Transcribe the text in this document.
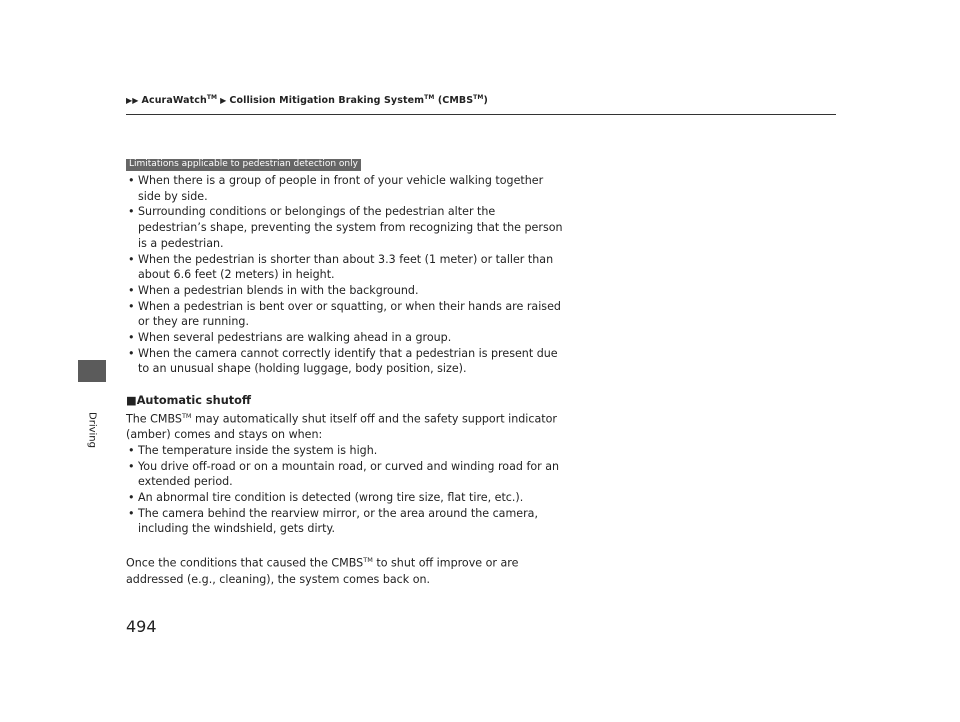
▶▶ AcuraWatch™ ▶ Collision Mitigation Braking System™ (CMBS™)
Driving
Limitations applicable to pedestrian detection only
• When there is a group of people in front of your vehicle walking together side by side.
• Surrounding conditions or belongings of the pedestrian alter the pedestrian’s shape, preventing the system from recognizing that the person is a pedestrian.
• When the pedestrian is shorter than about 3.3 feet (1 meter) or taller than about 6.6 feet (2 meters) in height.
• When a pedestrian blends in with the background.
• When a pedestrian is bent over or squatting, or when their hands are raised or they are running.
• When several pedestrians are walking ahead in a group.
• When the camera cannot correctly identify that a pedestrian is present due to an unusual shape (holding luggage, body position, size).
■Automatic shutoff
The CMBS™ may automatically shut itself off and the safety support indicator (amber) comes and stays on when:
• The temperature inside the system is high.
• You drive off-road or on a mountain road, or curved and winding road for an extended period.
• An abnormal tire condition is detected (wrong tire size, flat tire, etc.).
• The camera behind the rearview mirror, or the area around the camera, including the windshield, gets dirty.
Once the conditions that caused the CMBS™ to shut off improve or are addressed (e.g., cleaning), the system comes back on.
494
